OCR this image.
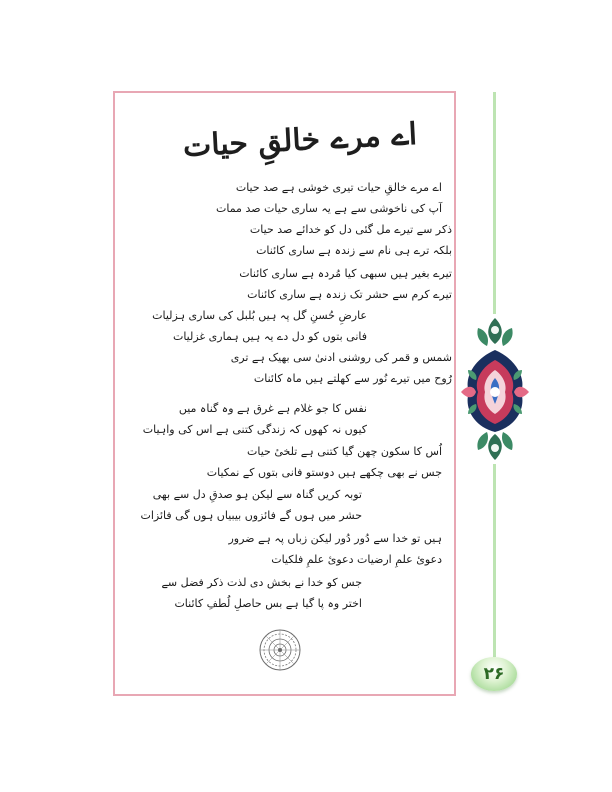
اے مرے خالقِ حیات
اے مرے خالقِ حیات تیری خوشی ہے صد حیات
آپ کی ناخوشی سے ہے یہ ساری حیات صد ممات
ذکر سے تیرے مل گئی دل کو خدائے صد حیات
بلکہ ترے ہی نام سے زندہ ہے ساری کائنات
تیرے بغیر ہیں سبھی کیا مُردہ ہے ساری کائنات
تیرے کرم سے حشر تک زندہ ہے ساری کائنات
عارضِ حُسنِ گل پہ ہیں بُلبل کی ساری ہزلیات
فانی بتوں کو دل دے یہ ہیں ہماری غزلیات
شمس و قمر کی روشنی ادنیٰ سی بھیک ہے تری
رُوح میں تیرے نُور سے کھلتے ہیں ماہ کائنات
نفس کا جو غلام ہے غرق ہے وہ گناہ میں
کیوں نہ کھوں کہ زندگی کتنی ہے اس کی واہیات
اُس کا سکون چھن گیا کتنی ہے تلخیٔ حیات
جس نے بھی چکھے ہیں دوستو فانی بتوں کے نمکیات
توبہ کریں گناہ سے لیکن ہو صدقِ دل سے بھی
حشر میں ہوں گے فائزوں بیبیاں ہوں گی فائزات
ہیں تو خدا سے دُور دُور لیکن زباں پہ ہے ضرور
دعویٔ علمِ ارضیات دعویٔ علمِ فلکیات
جس کو خدا نے بخش دی لذت ذکر فضل سے
اختر وہ پا گیا ہے بس حاصلِ لُطفِ کائنات
۲۶
